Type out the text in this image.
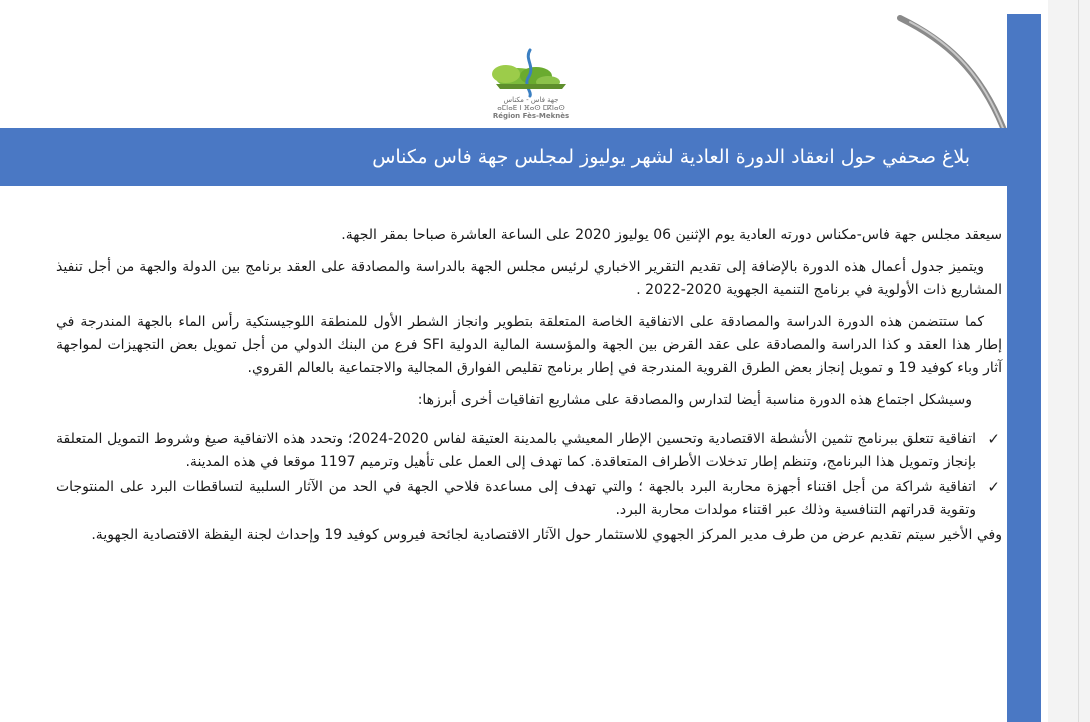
جهة فاس - مكناس
ⴰⵎⵏⴰⴹ ⵏ ⴼⴰⵙ ⵎⴽⵏⴰⵙ
Région Fès-Meknès
بلاغ صحفي حول انعقاد الدورة العادية لشهر يوليوز لمجلس جهة فاس مكناس

سيعقد مجلس جهة فاس-مكناس دورته العادية يوم الإثنين 06 يوليوز 2020 على الساعة العاشرة صباحا بمقر الجهة.

ويتميز جدول أعمال هذه الدورة بالإضافة إلى تقديم التقرير الاخباري لرئيس مجلس الجهة بالدراسة والمصادقة على العقد برنامج بين الدولة والجهة من أجل تنفيذ المشاريع ذات الأولوية في برنامج التنمية الجهوية 2020-2022 .

كما ستتضمن هذه الدورة الدراسة والمصادقة على الاتفاقية الخاصة المتعلقة بتطوير وانجاز الشطر الأول للمنطقة اللوجيستكية رأس الماء بالجهة المندرجة في إطار هذا العقد و كذا الدراسة والمصادقة على عقد القرض بين الجهة والمؤسسة المالية الدولية SFI فرع من البنك الدولي من أجل تمويل بعض التجهيزات لمواجهة آثار وباء كوفيد 19 و تمويل إنجاز بعض الطرق القروية المندرجة في إطار برنامج تقليص الفوارق المجالية والاجتماعية بالعالم القروي.

وسيشكل اجتماع هذه الدورة مناسبة أيضا لتدارس والمصادقة على مشاريع اتفاقيات أخرى أبرزها:

✓
اتفاقية تتعلق ببرنامج تثمين الأنشطة الاقتصادية وتحسين الإطار المعيشي بالمدينة العتيقة لفاس 2020-2024؛ وتحدد هذه الاتفاقية صيغ وشروط التمويل المتعلقة بإنجاز وتمويل هذا البرنامج، وتنظم إطار تدخلات الأطراف المتعاقدة. كما تهدف إلى العمل على تأهيل وترميم 1197 موقعا في هذه المدينة.
✓
اتفاقية شراكة من أجل اقتناء أجهزة محاربة البرد بالجهة ؛ والتي تهدف إلى مساعدة فلاحي الجهة في الحد من الآثار السلبية لتساقطات البرد على المنتوجات وتقوية قدراتهم التنافسية وذلك عبر اقتناء مولدات محاربة البرد.

وفي الأخير سيتم تقديم عرض من طرف مدير المركز الجهوي للاستثمار حول الآثار الاقتصادية لجائحة فيروس كوفيد 19 وإحداث لجنة اليقظة الاقتصادية الجهوية.
